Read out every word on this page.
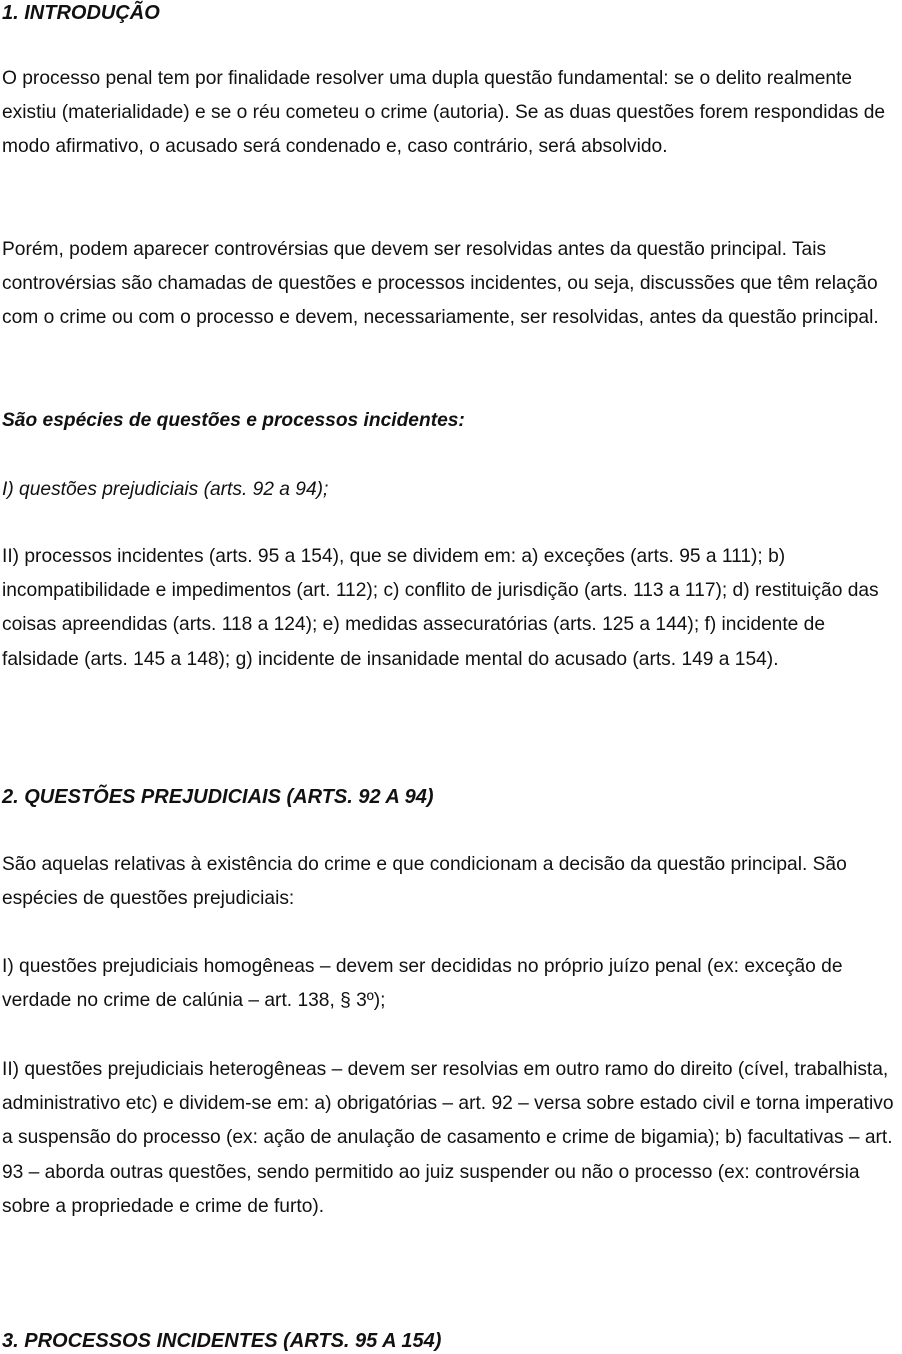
1. INTRODUÇÃO

O processo penal tem por finalidade resolver uma dupla questão fundamental: se o delito realmente existiu (materialidade) e se o réu cometeu o crime (autoria). Se as duas questões forem respondidas de modo afirmativo, o acusado será condenado e, caso contrário, será absolvido.

Porém, podem aparecer controvérsias que devem ser resolvidas antes da questão principal. Tais controvérsias são chamadas de questões e processos incidentes, ou seja, discussões que têm relação com o crime ou com o processo e devem, necessariamente, ser resolvidas, antes da questão principal.

São espécies de questões e processos incidentes:

I) questões prejudiciais (arts. 92 a 94);

II) processos incidentes (arts. 95 a 154), que se dividem em: a) exceções (arts. 95 a 111); b) incompatibilidade e impedimentos (art. 112); c) conflito de jurisdição (arts. 113 a 117); d) restituição das coisas apreendidas (arts. 118 a 124); e) medidas assecuratórias (arts. 125 a 144); f) incidente de falsidade (arts. 145 a 148); g) incidente de insanidade mental do acusado (arts. 149 a 154).

2. QUESTÕES PREJUDICIAIS (ARTS. 92 A 94)

São aquelas relativas à existência do crime e que condicionam a decisão da questão principal. São espécies de questões prejudiciais:

I) questões prejudiciais homogêneas – devem ser decididas no próprio juízo penal (ex: exceção de verdade no crime de calúnia – art. 138, § 3º);

II) questões prejudiciais heterogêneas – devem ser resolvias em outro ramo do direito (cível, trabalhista, administrativo etc) e dividem-se em: a) obrigatórias – art. 92 – versa sobre estado civil e torna imperativo a suspensão do processo (ex: ação de anulação de casamento e crime de bigamia); b) facultativas – art. 93 – aborda outras questões, sendo permitido ao juiz suspender ou não o processo (ex: controvérsia sobre a propriedade e crime de furto).

3. PROCESSOS INCIDENTES (ARTS. 95 A 154)
